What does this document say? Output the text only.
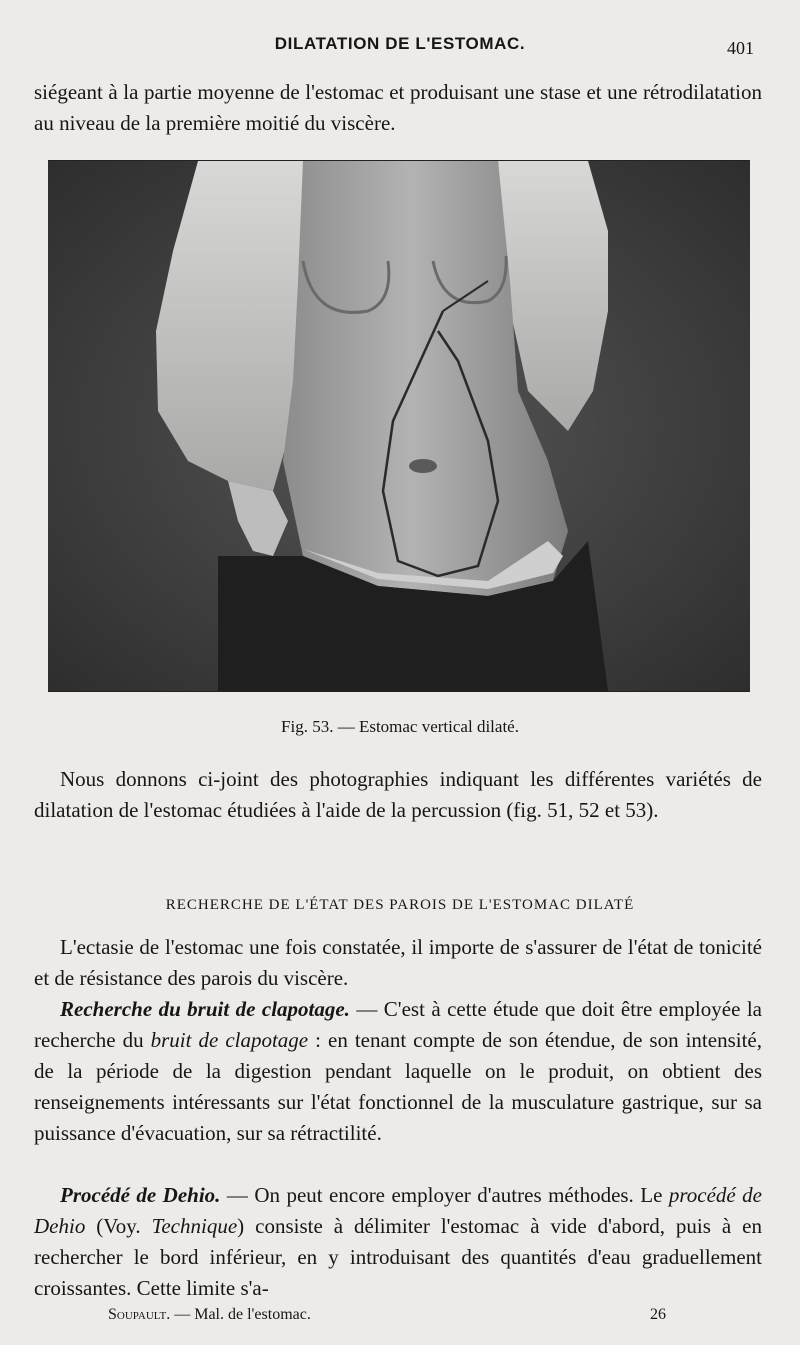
DILATATION DE L'ESTOMAC.	401

siégeant à la partie moyenne de l'estomac et produisant une stase et une rétrodilatation au niveau de la première moitié du viscère.

Fig. 53. — Estomac vertical dilaté.

Nous donnons ci-joint des photographies indiquant les différentes variétés de dilatation de l'estomac étudiées à l'aide de la percussion (fig. 51, 52 et 53).

RECHERCHE DE L'ÉTAT DES PAROIS DE L'ESTOMAC DILATÉ

L'ectasie de l'estomac une fois constatée, il importe de s'assurer de l'état de tonicité et de résistance des parois du viscère.

Recherche du bruit de clapotage. — C'est à cette étude que doit être employée la recherche du bruit de clapotage : en tenant compte de son étendue, de son intensité, de la période de la digestion pendant laquelle on le produit, on obtient des renseignements intéressants sur l'état fonctionnel de la musculature gastrique, sur sa puissance d'évacuation, sur sa rétractilité.

Procédé de Dehio. — On peut encore employer d'autres méthodes. Le procédé de Dehio (Voy. Technique) consiste à délimiter l'estomac à vide d'abord, puis à en rechercher le bord inférieur, en y introduisant des quantités d'eau graduellement croissantes. Cette limite s'a-

Soupault. — Mal. de l'estomac.	26
